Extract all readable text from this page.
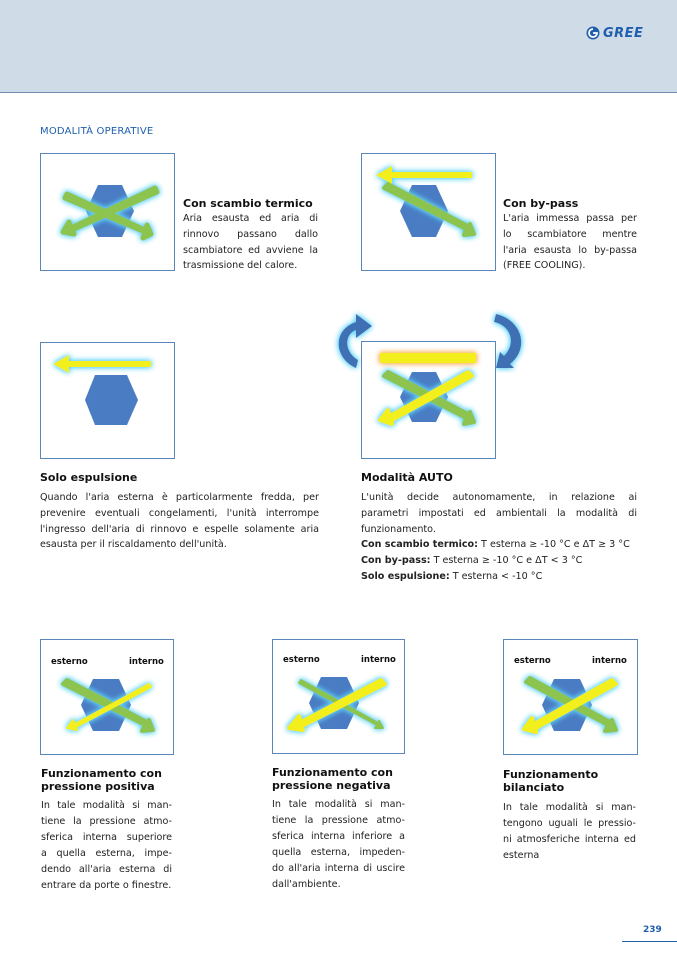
GREE
MODALITÀ OPERATIVE
Con scambio termico
Aria esausta ed aria di
rinnovo passano dallo
scambiatore ed avviene la
trasmissione del calore.
Con by-pass
L'aria immessa passa per
lo scambiatore mentre
l'aria esausta lo by-passa
(FREE COOLING).
Solo espulsione
Quando l'aria esterna è particolarmente fredda, per
prevenire eventuali congelamenti, l'unità interrompe
l'ingresso dell'aria di rinnovo e espelle solamente aria
esausta per il riscaldamento dell'unità.
Modalità AUTO
L'unità decide autonomamente, in relazione ai
parametri impostati ed ambientali la modalità di
funzionamento.
Con scambio termico: T esterna ≥ -10 °C e ΔT ≥ 3 °C
Con by-pass: T esterna ≥ -10 °C e ΔT < 3 °C
Solo espulsione: T esterna < -10 °C
esterno	interno	esterno	interno	esterno	interno
Funzionamento con pressione positiva
In tale modalità si man-
tiene la pressione atmo-
sferica interna superiore
a quella esterna, impe-
dendo all'aria esterna di
entrare da porte o finestre.
Funzionamento con pressione negativa
In tale modalità si man-
tiene la pressione atmo-
sferica interna inferiore a
quella esterna, impeden-
do all'aria interna di uscire
dall'ambiente.
Funzionamento bilanciato
In tale modalità si man-
tengono uguali le pressio-
ni atmosferiche interna ed
esterna
239
